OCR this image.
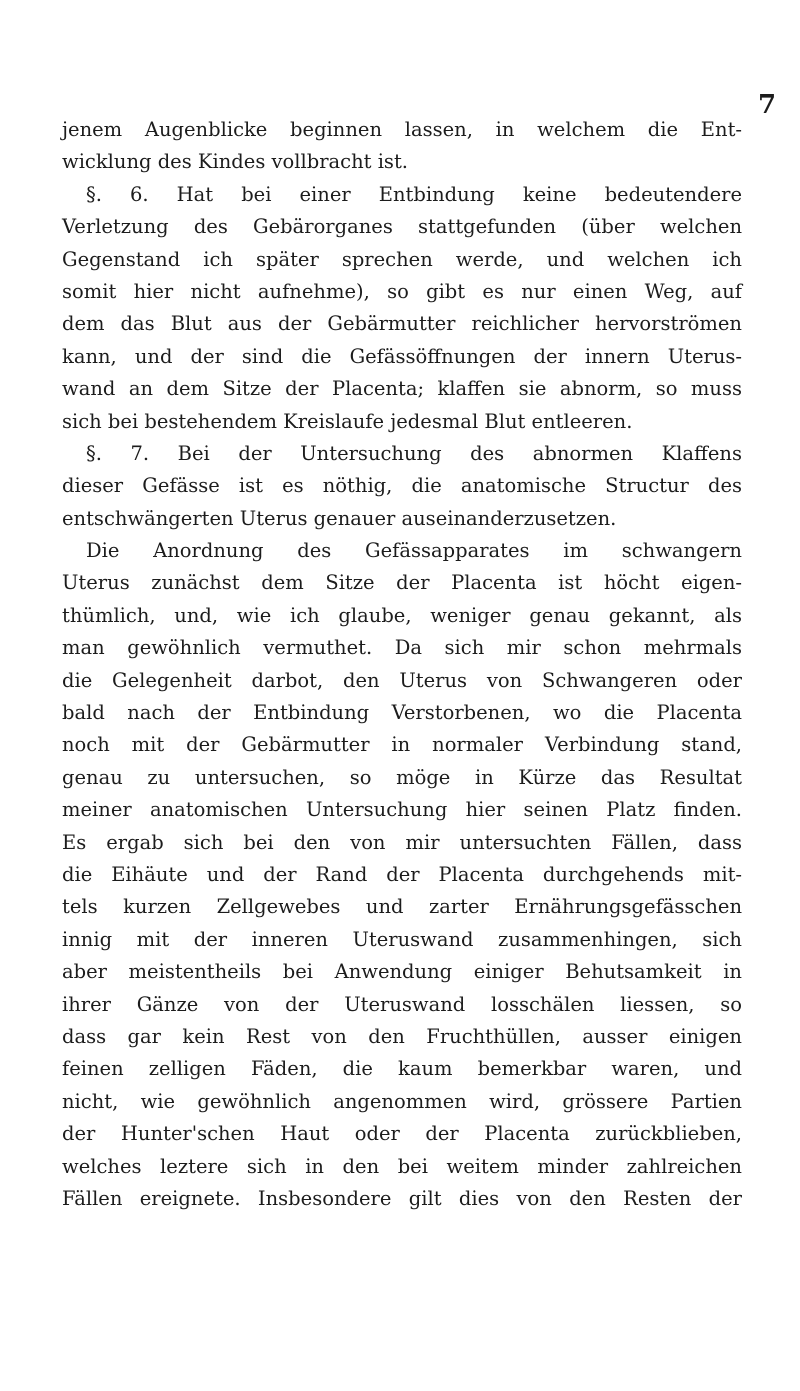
7
jenem Augenblicke beginnen lassen, in welchem die Ent-
wicklung des Kindes vollbracht ist.
§. 6. Hat bei einer Entbindung keine bedeutendere
Verletzung des Gebärorganes stattgefunden (über welchen
Gegenstand ich später sprechen werde, und welchen ich
somit hier nicht aufnehme), so gibt es nur einen Weg, auf
dem das Blut aus der Gebärmutter reichlicher hervorströmen
kann, und der sind die Gefässöffnungen der innern Uterus-
wand an dem Sitze der Placenta; klaffen sie abnorm, so muss
sich bei bestehendem Kreislaufe jedesmal Blut entleeren.
§. 7. Bei der Untersuchung des abnormen Klaffens
dieser Gefässe ist es nöthig, die anatomische Structur des
entschwängerten Uterus genauer auseinanderzusetzen.
Die Anordnung des Gefässapparates im schwangern
Uterus zunächst dem Sitze der Placenta ist höcht eigen-
thümlich, und, wie ich glaube, weniger genau gekannt, als
man gewöhnlich vermuthet. Da sich mir schon mehrmals
die Gelegenheit darbot, den Uterus von Schwangeren oder
bald nach der Entbindung Verstorbenen, wo die Placenta
noch mit der Gebärmutter in normaler Verbindung stand,
genau zu untersuchen, so möge in Kürze das Resultat
meiner anatomischen Untersuchung hier seinen Platz finden.
Es ergab sich bei den von mir untersuchten Fällen, dass
die Eihäute und der Rand der Placenta durchgehends mit-
tels kurzen Zellgewebes und zarter Ernährungsgefässchen
innig mit der inneren Uteruswand zusammenhingen, sich
aber meistentheils bei Anwendung einiger Behutsamkeit in
ihrer Gänze von der Uteruswand losschälen liessen, so
dass gar kein Rest von den Fruchthüllen, ausser einigen
feinen zelligen Fäden, die kaum bemerkbar waren, und
nicht, wie gewöhnlich angenommen wird, grössere Partien
der Hunter'schen Haut oder der Placenta zurückblieben,
welches leztere sich in den bei weitem minder zahlreichen
Fällen ereignete. Insbesondere gilt dies von den Resten der
